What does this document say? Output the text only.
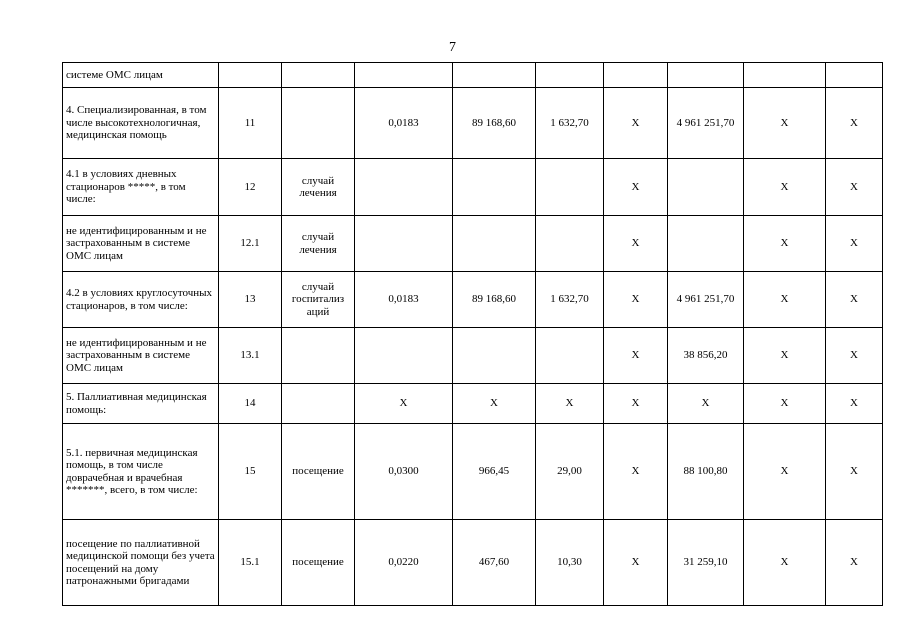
7
системе ОМС лицам									
4. Специализированная, в том числе высокотехнологичная, медицинская помощь	11		0,0183	89 168,60	1 632,70	X	4 961 251,70	X	X
4.1 в условиях дневных стационаров *****, в том числе:	12	случай лечения				X		X	X
не идентифицированным и не застрахованным в системе ОМС лицам	12.1	случай лечения				X		X	X
4.2 в условиях круглосуточных стационаров, в том числе:	13	случай госпитализ аций	0,0183	89 168,60	1 632,70	X	4 961 251,70	X	X
не идентифицированным и не застрахованным в системе ОМС лицам	13.1					X	38 856,20	X	X
5. Паллиативная медицинская помощь:	14		X	X	X	X	X	X	X
5.1. первичная медицинская помощь, в том числе доврачебная и врачебная *******, всего, в том числе:	15	посещение	0,0300	966,45	29,00	X	88 100,80	X	X
посещение по паллиативной медицинской помощи без учета посещений на дому патронажными бригадами	15.1	посещение	0,0220	467,60	10,30	X	31 259,10	X	X
